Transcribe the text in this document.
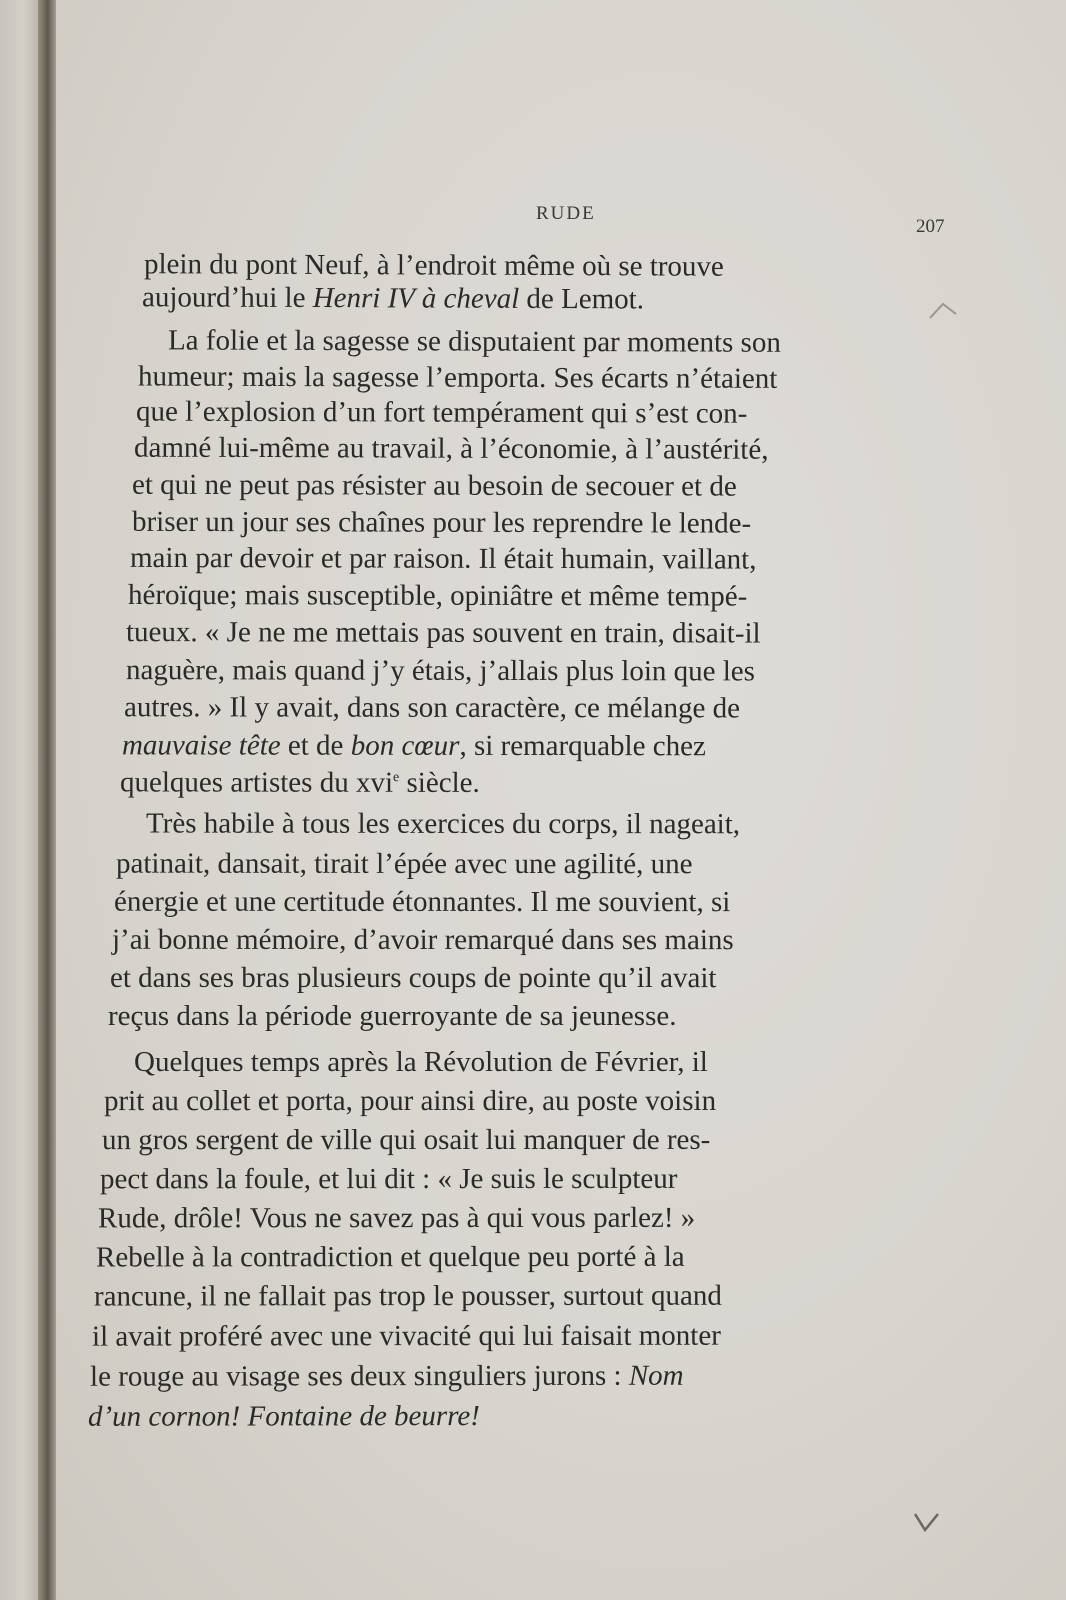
RUDE
207
plein du pont Neuf, à l’endroit même où se trouve
aujourd’hui le Henri IV à cheval de Lemot.
La folie et la sagesse se disputaient par moments son
humeur; mais la sagesse l’emporta. Ses écarts n’étaient
que l’explosion d’un fort tempérament qui s’est con-
damné lui-même au travail, à l’économie, à l’austérité,
et qui ne peut pas résister au besoin de secouer et de
briser un jour ses chaînes pour les reprendre le lende-
main par devoir et par raison. Il était humain, vaillant,
héroïque; mais susceptible, opiniâtre et même tempé-
tueux. « Je ne me mettais pas souvent en train, disait-il
naguère, mais quand j’y étais, j’allais plus loin que les
autres. » Il y avait, dans son caractère, ce mélange de
mauvaise tête et de bon cœur, si remarquable chez
quelques artistes du xvi$^e$ siècle.
Très habile à tous les exercices du corps, il nageait,
patinait, dansait, tirait l’épée avec une agilité, une
énergie et une certitude étonnantes. Il me souvient, si
j’ai bonne mémoire, d’avoir remarqué dans ses mains
et dans ses bras plusieurs coups de pointe qu’il avait
reçus dans la période guerroyante de sa jeunesse.
Quelques temps après la Révolution de Février, il
prit au collet et porta, pour ainsi dire, au poste voisin
un gros sergent de ville qui osait lui manquer de res-
pect dans la foule, et lui dit : « Je suis le sculpteur
Rude, drôle! Vous ne savez pas à qui vous parlez! »
Rebelle à la contradiction et quelque peu porté à la
rancune, il ne fallait pas trop le pousser, surtout quand
il avait proféré avec une vivacité qui lui faisait monter
le rouge au visage ses deux singuliers jurons : Nom
d’un cornon! Fontaine de beurre!
